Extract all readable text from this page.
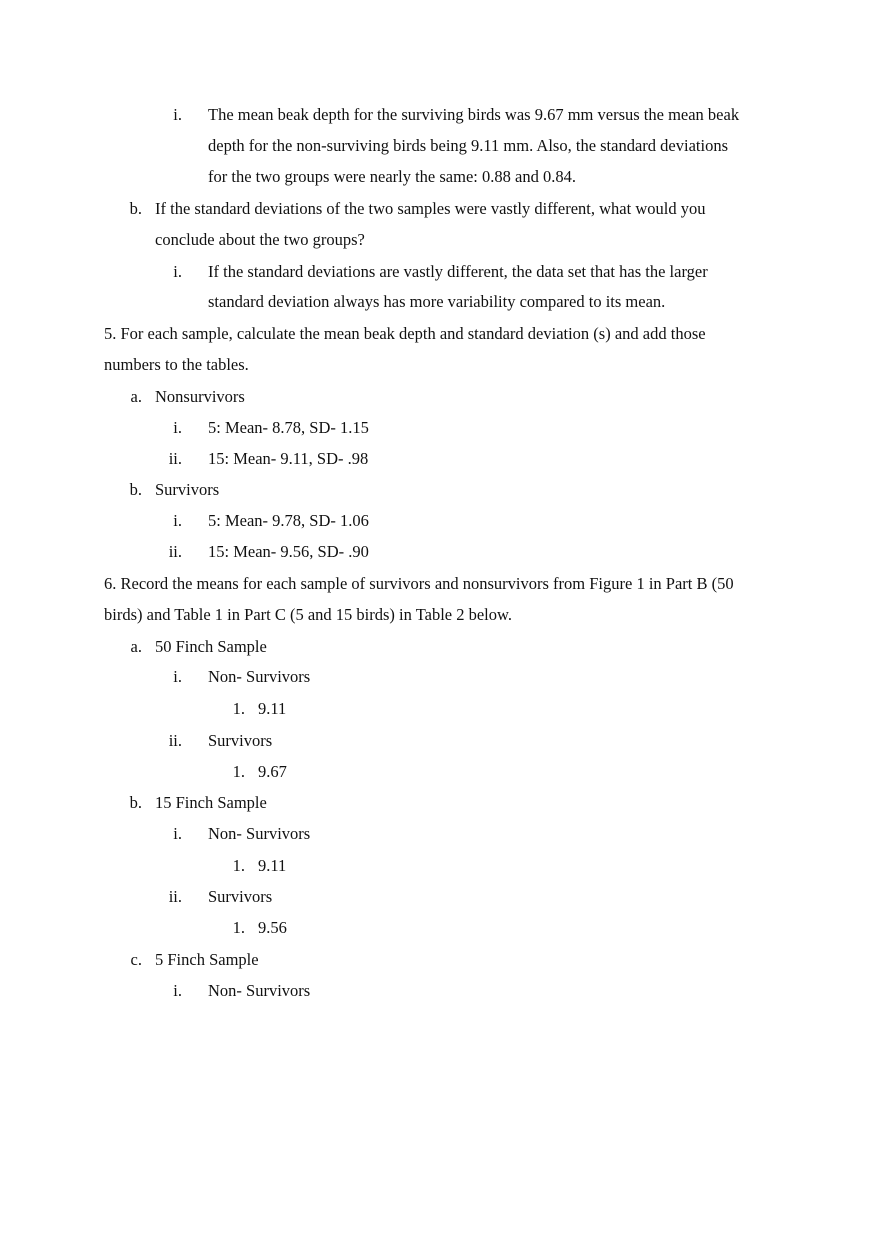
i. The mean beak depth for the surviving birds was 9.67 mm versus the mean beak
depth for the non-surviving birds being 9.11 mm. Also, the standard deviations
for the two groups were nearly the same: 0.88 and 0.84.
b. If the standard deviations of the two samples were vastly different, what would you
conclude about the two groups?
i. If the standard deviations are vastly different, the data set that has the larger
standard deviation always has more variability compared to its mean.
5. For each sample, calculate the mean beak depth and standard deviation (s) and add those
numbers to the tables.
a. Nonsurvivors
i. 5: Mean- 8.78, SD- 1.15
ii. 15: Mean- 9.11, SD- .98
b. Survivors
i. 5: Mean- 9.78, SD- 1.06
ii. 15: Mean- 9.56, SD- .90
6. Record the means for each sample of survivors and nonsurvivors from Figure 1 in Part B (50
birds) and Table 1 in Part C (5 and 15 birds) in Table 2 below.
a. 50 Finch Sample
i. Non- Survivors
1. 9.11
ii. Survivors
1. 9.67
b. 15 Finch Sample
i. Non- Survivors
1. 9.11
ii. Survivors
1. 9.56
c. 5 Finch Sample
i. Non- Survivors
